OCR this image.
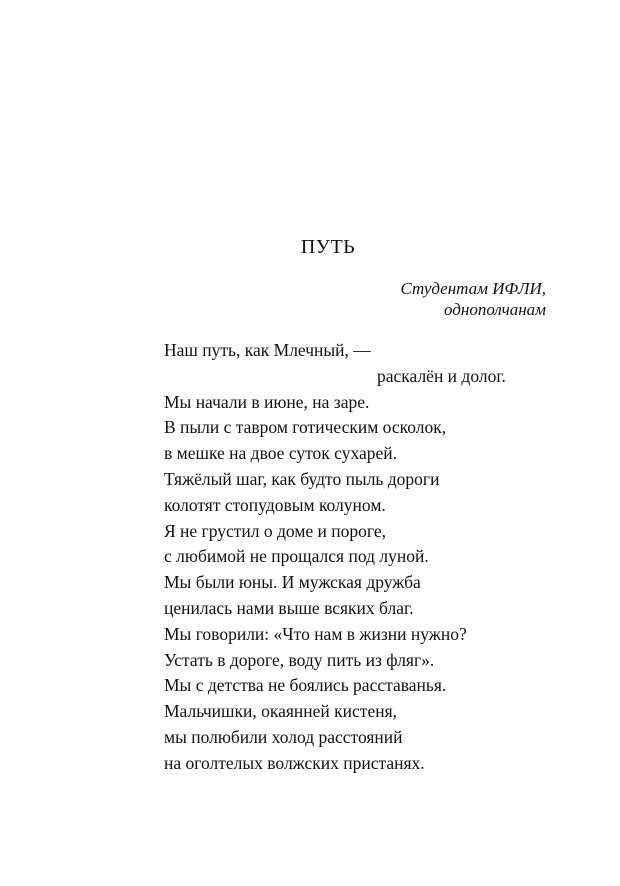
ПУТЬ
Студентам ИФЛИ,
однополчанам
Наш путь, как Млечный, —
раскалён и долог.
Мы начали в июне, на заре.
В пыли с тавром готическим осколок,
в мешке на двое суток сухарей.
Тяжёлый шаг, как будто пыль дороги
колотят стопудовым колуном.
Я не грустил о доме и пороге,
с любимой не прощался под луной.
Мы были юны. И мужская дружба
ценилась нами выше всяких благ.
Мы говорили: «Что нам в жизни нужно?
Устать в дороге, воду пить из фляг».
Мы с детства не боялись расставанья.
Мальчишки, окаянней кистеня,
мы полюбили холод расстояний
на оголтелых волжских пристанях.
